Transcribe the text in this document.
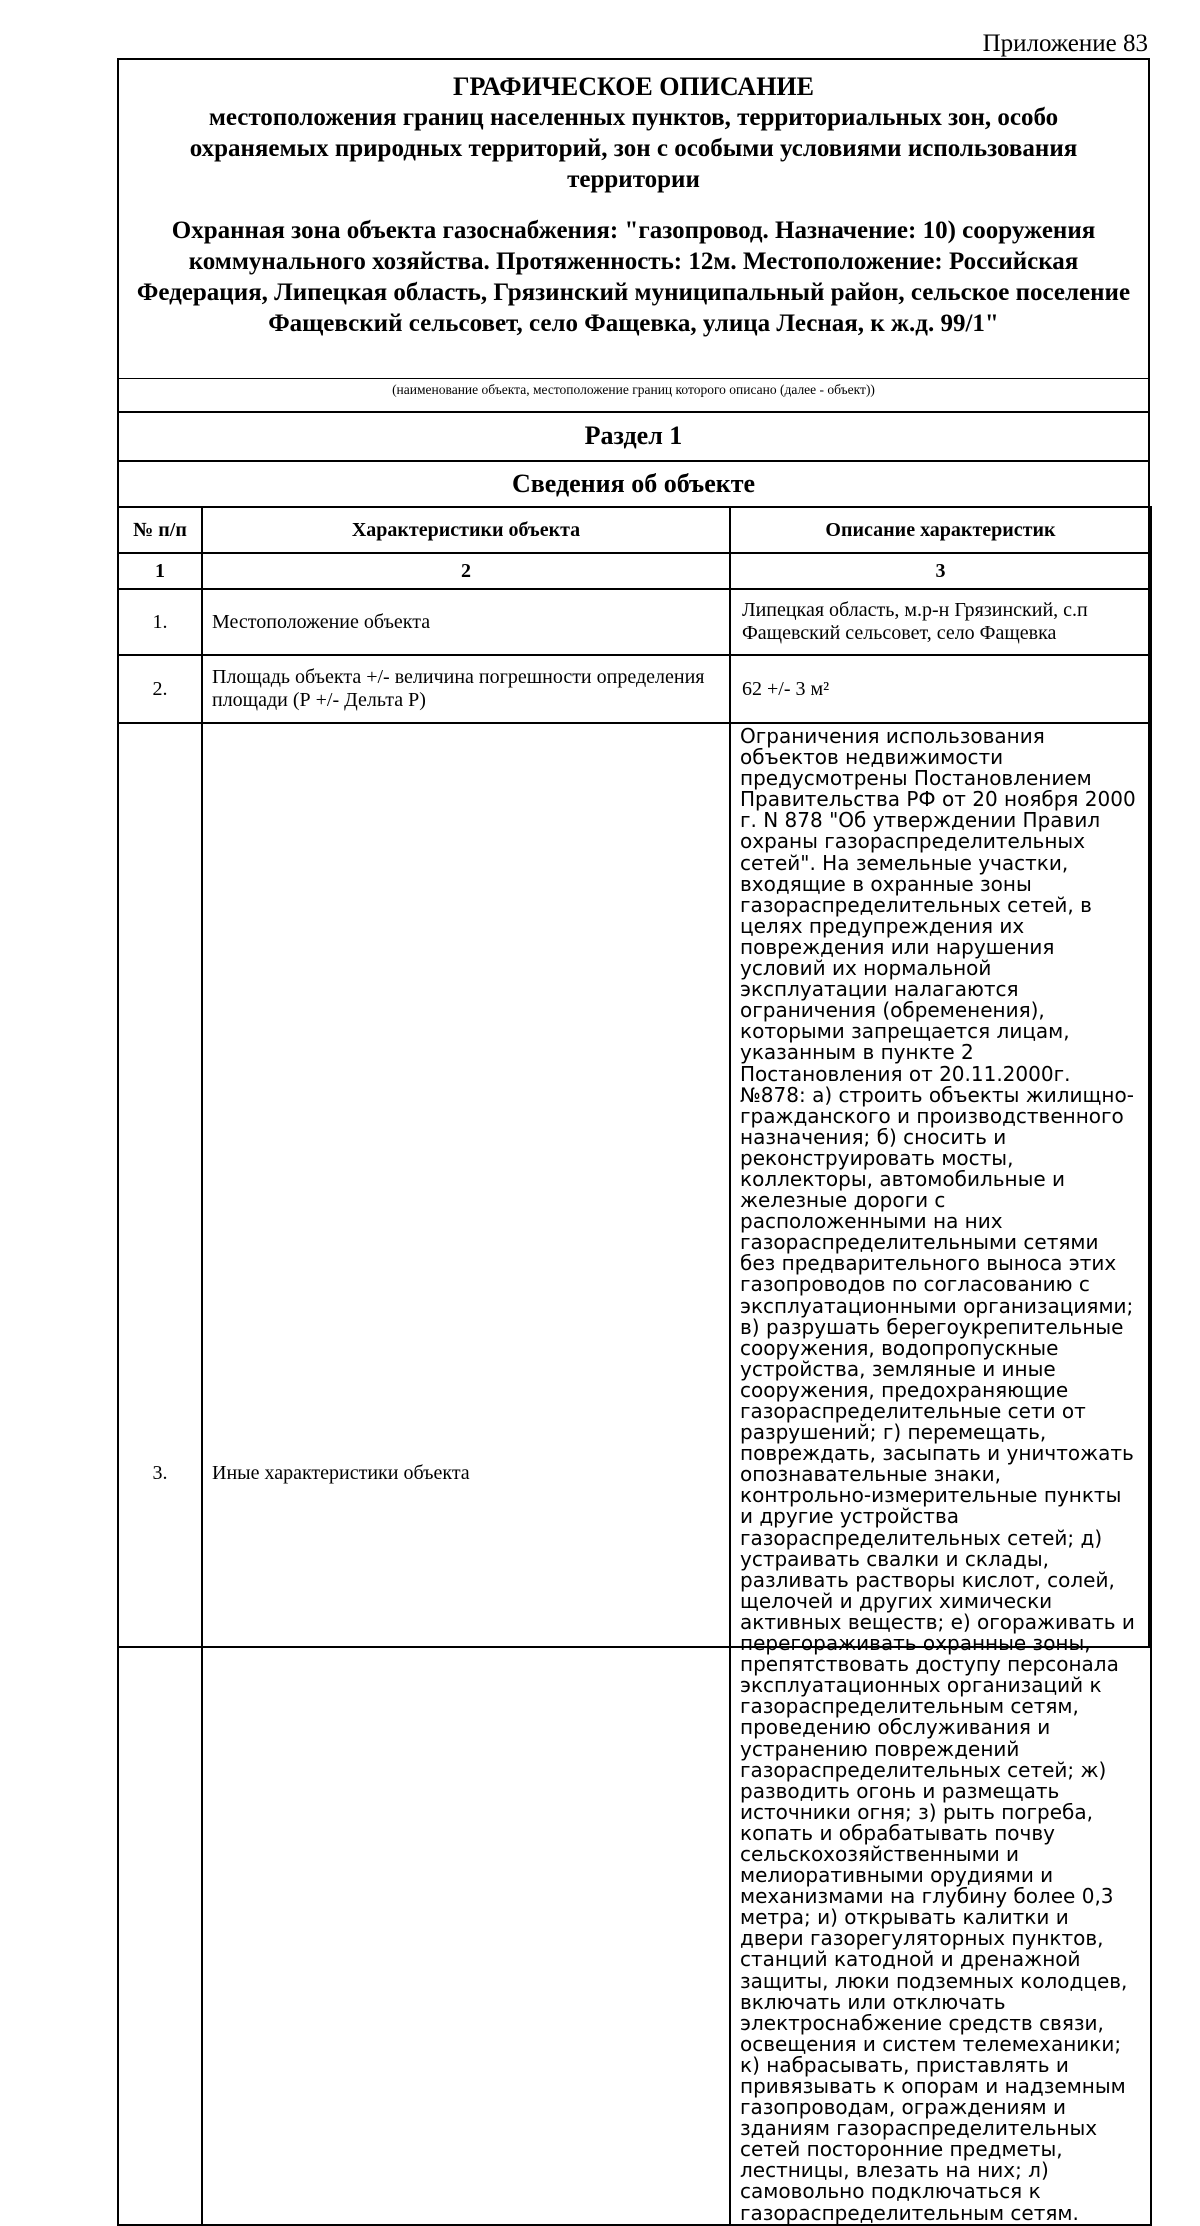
Приложение 83
ГРАФИЧЕСКОЕ ОПИСАНИЕ
местоположения границ населенных пунктов, территориальных зон, особо охраняемых природных территорий, зон с особыми условиями использования территории
Охранная зона объекта газоснабжения: "газопровод. Назначение: 10) сооружения коммунального хозяйства. Протяженность: 12м. Местоположение: Российская Федерация, Липецкая область, Грязинский муниципальный район, сельское поселение Фащевский сельсовет, село Фащевка, улица Лесная, к ж.д. 99/1"
(наименование объекта, местоположение границ которого описано (далее - объект))
Раздел 1
Сведения об объекте
№ п/п	Характеристики объекта	Описание характеристик
1	2	3
1.	Местоположение объекта	Липецкая область, м.р-н Грязинский, с.п Фащевский сельсовет, село Фащевка
2.	Площадь объекта +/- величина погрешности определения площади (Р +/- Дельта Р)	62 +/- 3 м²
3.	Иные характеристики объекта	Ограничения использования объектов недвижимости предусмотрены Постановлением Правительства РФ от 20 ноября 2000 г. N 878 "Об утверждении Правил охраны газораспределительных сетей". На земельные участки, входящие в охранные зоны газораспределительных сетей, в целях предупреждения их повреждения или нарушения условий их нормальной эксплуатации налагаются ограничения (обременения), которыми запрещается лицам, указанным в пункте 2 Постановления от 20.11.2000г. №878: а) строить объекты жилищно-гражданского и производственного назначения; б) сносить и реконструировать мосты, коллекторы, автомобильные и железные дороги с расположенными на них газораспределительными сетями без предварительного выноса этих газопроводов по согласованию с эксплуатационными организациями; в) разрушать берегоукрепительные сооружения, водопропускные устройства, земляные и иные сооружения, предохраняющие газораспределительные сети от разрушений; г) перемещать, повреждать, засыпать и уничтожать опознавательные знаки, контрольно-измерительные пункты и другие устройства газораспределительных сетей; д) устраивать свалки и склады, разливать растворы кислот, солей, щелочей и других химически активных веществ; е) огораживать и перегораживать охранные зоны, препятствовать доступу персонала эксплуатационных организаций к газораспределительным сетям, проведению обслуживания и устранению повреждений газораспределительных сетей; ж) разводить огонь и размещать источники огня; з) рыть погреба, копать и обрабатывать почву сельскохозяйственными и мелиоративными орудиями и механизмами на глубину более 0,3 метра; и) открывать калитки и двери газорегуляторных пунктов, станций катодной и дренажной защиты, люки подземных колодцев, включать или отключать электроснабжение средств связи, освещения и систем телемеханики; к) набрасывать, приставлять и привязывать к опорам и надземным газопроводам, ограждениям и зданиям газораспределительных сетей посторонние предметы, лестницы, влезать на них; л) самовольно подключаться к газораспределительным сетям.
